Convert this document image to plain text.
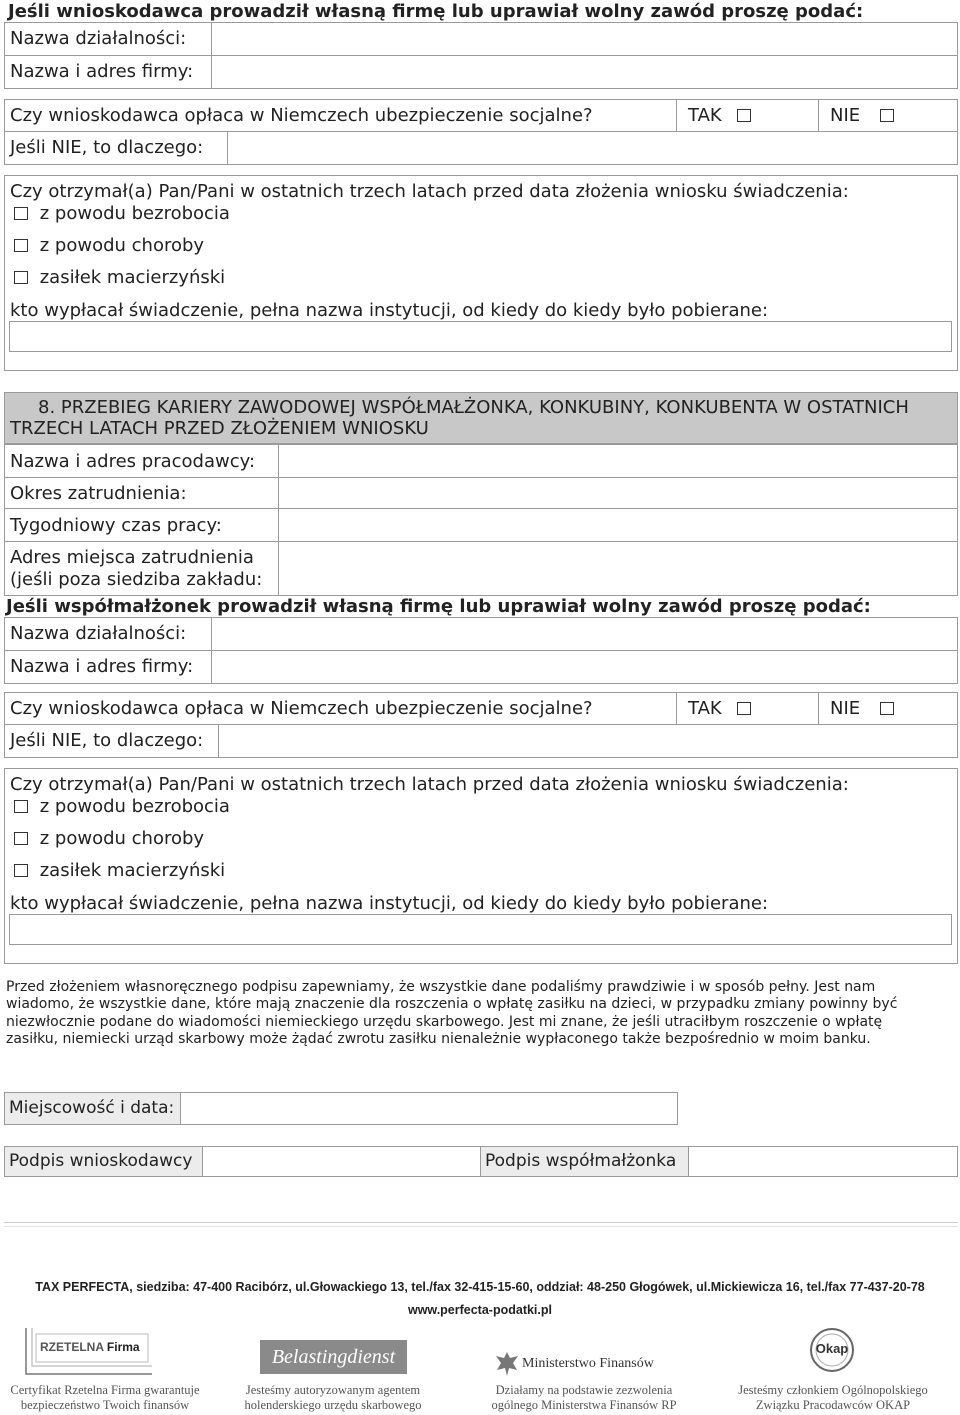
Jeśli wnioskodawca prowadził własną firmę lub uprawiał wolny zawód proszę podać:
Nazwa działalności:
Nazwa i adres firmy:
Czy wnioskodawca opłaca w Niemczech ubezpieczenie socjalne?	TAK	NIE
Jeśli NIE, to dlaczego:
Czy otrzymał(a) Pan/Pani w ostatnich trzech latach przed data złożenia wniosku świadczenia:
z powodu bezrobocia
z powodu choroby
zasiłek macierzyński
kto wypłacał świadczenie, pełna nazwa instytucji, od kiedy do kiedy było pobierane:
8. PRZEBIEG KARIERY ZAWODOWEJ WSPÓŁMAŁŻONKA, KONKUBINY, KONKUBENTA W OSTATNICH
TRZECH LATACH PRZED ZŁOŻENIEM WNIOSKU
Nazwa i adres pracodawcy:
Okres zatrudnienia:
Tygodniowy czas pracy:
Adres miejsca zatrudnienia
(jeśli poza siedziba zakładu:
Jeśli współmałżonek prowadził własną firmę lub uprawiał wolny zawód proszę podać:
Nazwa działalności:
Nazwa i adres firmy:
Czy wnioskodawca opłaca w Niemczech ubezpieczenie socjalne?	TAK	NIE
Jeśli NIE, to dlaczego:
Czy otrzymał(a) Pan/Pani w ostatnich trzech latach przed data złożenia wniosku świadczenia:
z powodu bezrobocia
z powodu choroby
zasiłek macierzyński
kto wypłacał świadczenie, pełna nazwa instytucji, od kiedy do kiedy było pobierane:
Przed złożeniem własnoręcznego podpisu zapewniamy, że wszystkie dane podaliśmy prawdziwie i w sposób pełny. Jest nam
wiadomo, że wszystkie dane, które mają znaczenie dla roszczenia o wpłatę zasiłku na dzieci, w przypadku zmiany powinny być
niezwłocznie podane do wiadomości niemieckiego urzędu skarbowego. Jest mi znane, że jeśli utraciłbym roszczenie o wpłatę
zasiłku, niemiecki urząd skarbowy może żądać zwrotu zasiłku nienależnie wypłaconego także bezpośrednio w moim banku.
Miejscowość i data:
Podpis wnioskodawcy	Podpis współmałżonka
TAX PERFECTA, siedziba: 47-400 Racibórz, ul.Głowackiego 13, tel./fax 32-415-15-60, oddział: 48-250 Głogówek, ul.Mickiewicza 16, tel./fax 77-437-20-78
www.perfecta-podatki.pl
RZETELNA Firma	Belastingdienst	Ministerstwo Finansów
Okap
Certyfikat Rzetelna Firma gwarantuje
bezpieczeństwo Twoich finansów
Jesteśmy autoryzowanym agentem
holenderskiego urzędu skarbowego
Działamy na podstawie zezwolenia
ogólnego Ministerstwa Finansów RP
Jesteśmy członkiem Ogólnopolskiego
Związku Pracodawców OKAP
